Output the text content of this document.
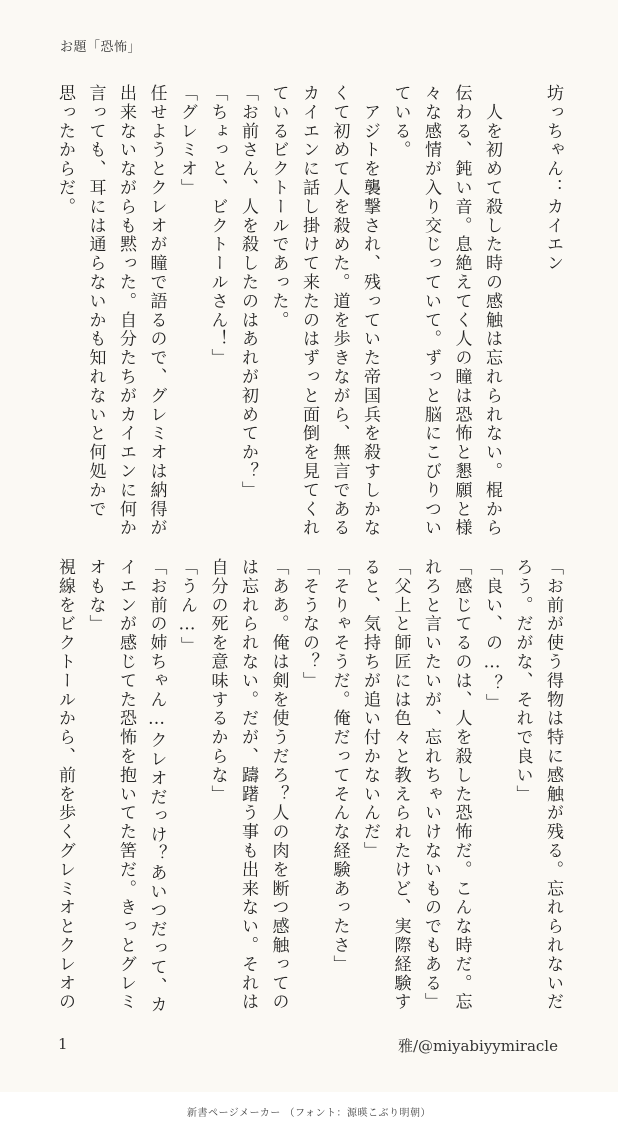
お題「恐怖」

坊っちゃん：カイエン

　人を初めて殺した時の感触は忘れられない。棍から

伝わる、鈍い音。息絶えてく人の瞳は恐怖と懇願と様

々な感情が入り交じっていて。ずっと脳にこびりつい

ている。

　アジトを襲撃され、残っていた帝国兵を殺すしかな

くて初めて人を殺めた。道を歩きながら、無言である

カイエンに話し掛けて来たのはずっと面倒を見てくれ

ているビクトールであった。

「お前さん、人を殺したのはあれが初めてか？」

「ちょっと、ビクトールさん！」

「グレミオ」

任せようとクレオが瞳で語るので、グレミオは納得が

出来ないながらも黙った。自分たちがカイエンに何か

言っても、耳には通らないかも知れないと何処かで

思ったからだ。

「お前が使う得物は特に感触が残る。忘れられないだ

ろう。だがな、それで良い」

「良い、の…？」

「感じてるのは、人を殺した恐怖だ。こんな時だ。忘

れろと言いたいが、忘れちゃいけないものでもある」

「父上と師匠には色々と教えられたけど、実際経験す

ると、気持ちが追い付かないんだ」

「そりゃそうだ。俺だってそんな経験あったさ」

「そうなの？」

「ああ。俺は剣を使うだろ？人の肉を断つ感触っての

は忘れられない。だが、躊躇う事も出来ない。それは

自分の死を意味するからな」

「うん…」

「お前の姉ちゃん…クレオだっけ？あいつだって、カ

イエンが感じてた恐怖を抱いてた筈だ。きっとグレミ

オもな」

視線をビクトールから、前を歩くグレミオとクレオの

1	雅/@miyabiyymiracle
新書ページメーカー （フォント：源暎こぶり明朝）
